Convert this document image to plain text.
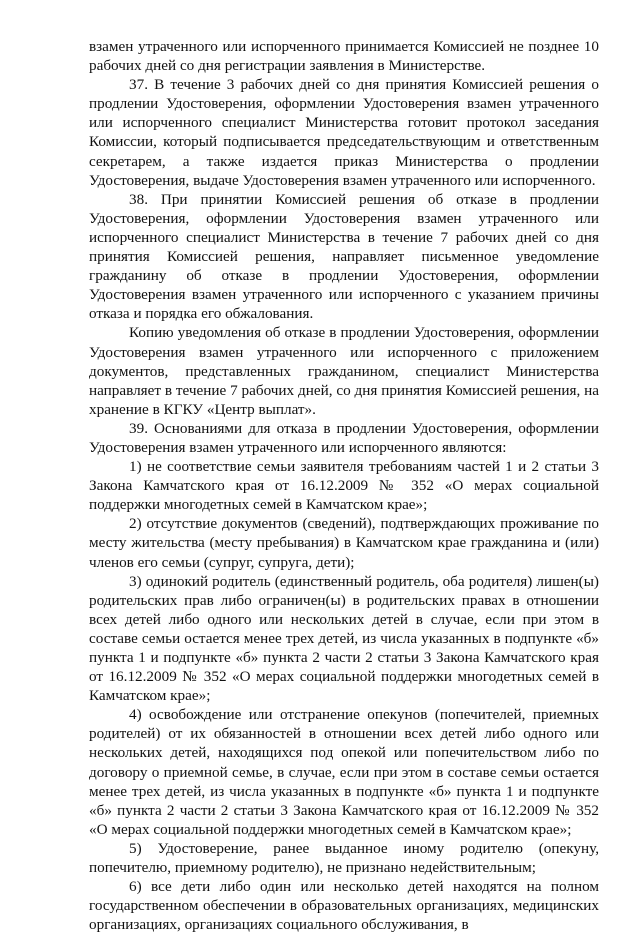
взамен утраченного или испорченного принимается Комиссией не позднее 10 рабочих дней со дня регистрации заявления в Министерстве.

37. В течение 3 рабочих дней со дня принятия Комиссией решения о продлении Удостоверения, оформлении Удостоверения взамен утраченного или испорченного специалист Министерства готовит протокол заседания Комиссии, который подписывается председательствующим и ответственным секретарем, а также издается приказ Министерства о продлении Удостоверения, выдаче Удостоверения взамен утраченного или испорченного.

38. При принятии Комиссией решения об отказе в продлении Удостоверения, оформлении Удостоверения взамен утраченного или испорченного специалист Министерства в течение 7 рабочих дней со дня принятия Комиссией решения, направляет письменное уведомление гражданину об отказе в продлении Удостоверения, оформлении Удостоверения взамен утраченного или испорченного с указанием причины отказа и порядка его обжалования.

Копию уведомления об отказе в продлении Удостоверения, оформлении Удостоверения взамен утраченного или испорченного с приложением документов, представленных гражданином, специалист Министерства направляет в течение 7 рабочих дней, со дня принятия Комиссией решения, на хранение в КГКУ «Центр выплат».

39. Основаниями для отказа в продлении Удостоверения, оформлении Удостоверения взамен утраченного или испорченного являются:

1) не соответствие семьи заявителя требованиям частей 1 и 2 статьи 3 Закона Камчатского края от 16.12.2009 № 352 «О мерах социальной поддержки многодетных семей в Камчатском крае»;

2) отсутствие документов (сведений), подтверждающих проживание по месту жительства (месту пребывания) в Камчатском крае гражданина и (или) членов его семьи (супруг, супруга, дети);

3) одинокий родитель (единственный родитель, оба родителя) лишен(ы) родительских прав либо ограничен(ы) в родительских правах в отношении всех детей либо одного или нескольких детей в случае, если при этом в составе семьи остается менее трех детей, из числа указанных в подпункте «б» пункта 1 и подпункте «б» пункта 2 части 2 статьи 3 Закона Камчатского края от 16.12.2009 № 352 «О мерах социальной поддержки многодетных семей в Камчатском крае»;

4) освобождение или отстранение опекунов (попечителей, приемных родителей) от их обязанностей в отношении всех детей либо одного или нескольких детей, находящихся под опекой или попечительством либо по договору о приемной семье, в случае, если при этом в составе семьи остается менее трех детей, из числа указанных в подпункте «б» пункта 1 и подпункте «б» пункта 2 части 2 статьи 3 Закона Камчатского края от 16.12.2009 № 352 «О мерах социальной поддержки многодетных семей в Камчатском крае»;

5) Удостоверение, ранее выданное иному родителю (опекуну, попечителю, приемному родителю), не признано недействительным;

6) все дети либо один или несколько детей находятся на полном государственном обеспечении в образовательных организациях, медицинских организациях, организациях социального обслуживания, в
